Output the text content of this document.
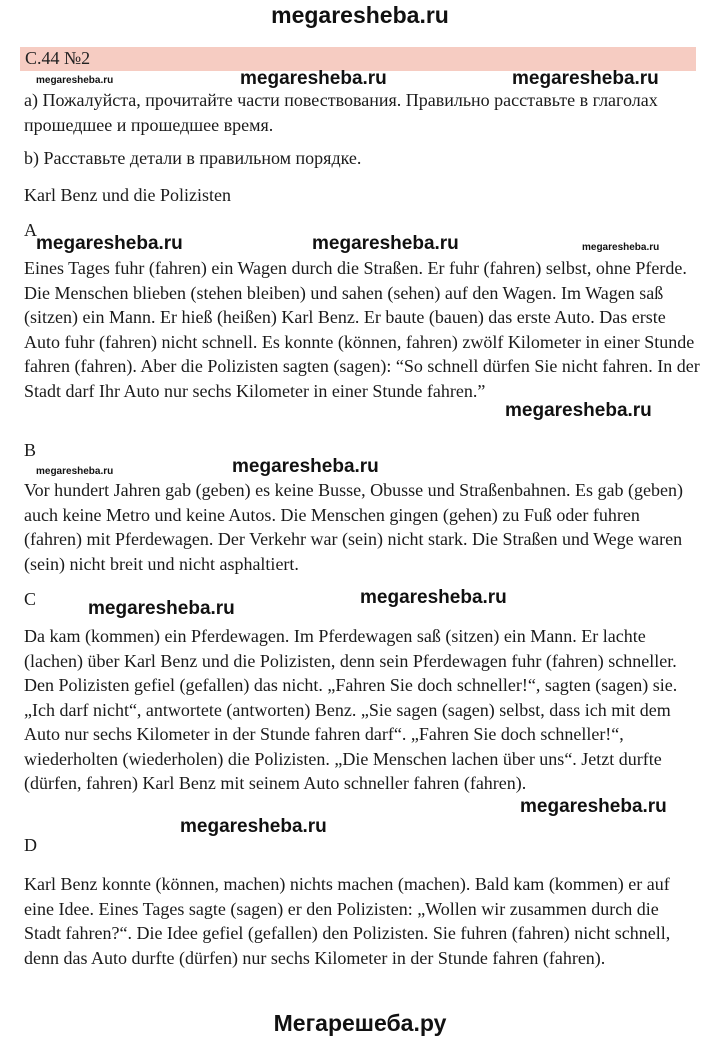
megaresheba.ru
С.44 №2
megaresheba.ru	megaresheba.ru	megaresheba.ru

a) Пожалуйста, прочитайте части повествования. Правильно расставьте в глаголах прошедшее и прошедшее время.

b) Расставьте детали в правильном порядке.

Karl Benz und die Polizisten

A
megaresheba.ru	megaresheba.ru	megaresheba.ru

Eines Tages fuhr (fahren) ein Wagen durch die Straßen. Er fuhr (fahren) selbst, ohne Pferde. Die Menschen blieben (stehen bleiben) und sahen (sehen) auf den Wagen. Im Wagen saß (sitzen) ein Mann. Er hieß (heißen) Karl Benz. Er baute (bauen) das erste Auto. Das erste Auto fuhr (fahren) nicht schnell. Es konnte (können, fahren) zwölf Kilometer in einer Stunde fahren (fahren). Aber die Polizisten sagten (sagen): “So schnell dürfen Sie nicht fahren. In der Stadt darf Ihr Auto nur sechs Kilometer in einer Stunde fahren.”

megaresheba.ru
B
megaresheba.ru	megaresheba.ru

Vor hundert Jahren gab (geben) es keine Busse, Obusse und Straßenbahnen. Es gab (geben) auch keine Metro und keine Autos. Die Menschen gingen (gehen) zu Fuß oder fuhren (fahren) mit Pferdewagen. Der Verkehr war (sein) nicht stark. Die Straßen und Wege waren (sein) nicht breit und nicht asphaltiert.

C	megaresheba.ru
megaresheba.ru

Da kam (kommen) ein Pferdewagen. Im Pferdewagen saß (sitzen) ein Mann. Er lachte (lachen) über Karl Benz und die Polizisten, denn sein Pferdewagen fuhr (fahren) schneller. Den Polizisten gefiel (gefallen) das nicht. „Fahren Sie doch schneller!“, sagten (sagen) sie. „Ich darf nicht“, antwortete (antworten) Benz. „Sie sagen (sagen) selbst, dass ich mit dem Auto nur sechs Kilometer in der Stunde fahren darf“. „Fahren Sie doch schneller!“, wiederholten (wiederholen) die Polizisten. „Die Menschen lachen über uns“. Jetzt durfte (dürfen, fahren) Karl Benz mit seinem Auto schneller fahren (fahren).

megaresheba.ru
megaresheba.ru
D

Karl Benz konnte (können, machen) nichts machen (machen). Bald kam (kommen) er auf eine Idee. Eines Tages sagte (sagen) er den Polizisten: „Wollen wir zusammen durch die Stadt fahren?“. Die Idee gefiel (gefallen) den Polizisten. Sie fuhren (fahren) nicht schnell, denn das Auto durfte (dürfen) nur sechs Kilometer in der Stunde fahren (fahren).

Мегарешеба.ру
